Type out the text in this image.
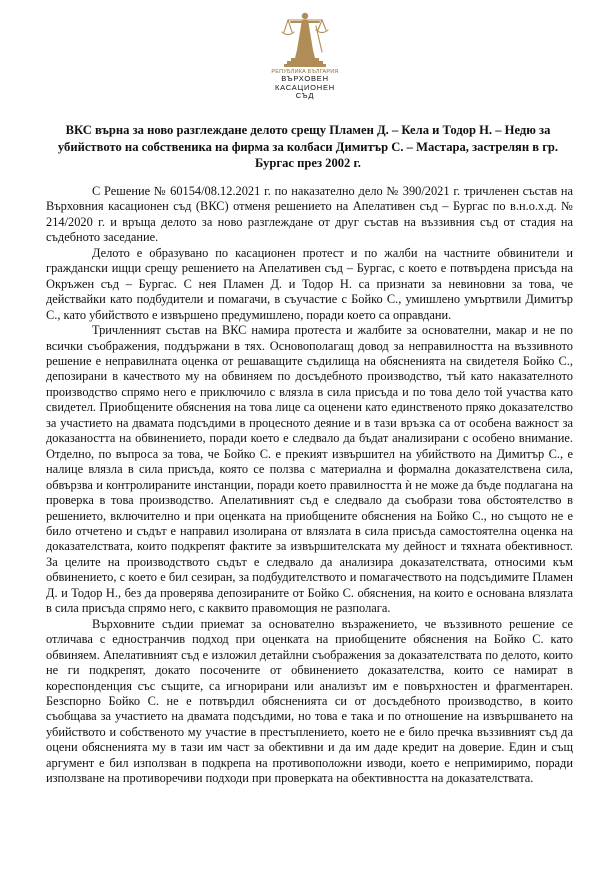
РЕПУБЛИКА БЪЛГАРИЯ
ВЪРХОВЕН
КАСАЦИОНЕН
СЪД
ВКС върна за ново разглеждане делото срещу Пламен Д. – Кела и Тодор Н. – Недю за убийството на собственика на фирма за колбаси Димитър С. – Мастара, застрелян в гр. Бургас през 2002 г.

С Решение № 60154/08.12.2021 г. по наказателно дело № 390/2021 г. тричленен състав на Върховния касационен съд (ВКС) отменя решението на Апелативен съд – Бургас по в.н.о.х.д. № 214/2020 г. и връща делото за ново разглеждане от друг състав на въззивния съд от стадия на съдебното заседание.

Делото е образувано по касационен протест и по жалби на частните обвинители и граждански ищци срещу решението на Апелативен съд – Бургас, с което е потвърдена присъда на Окръжен съд – Бургас. С нея Пламен Д. и Тодор Н. са признати за невиновни за това, че действайки като подбудители и помагачи, в съучастие с Бойко С., умишлено умъртвили Димитър С., като убийството е извършено предумишлено, поради което са оправдани.

Тричленният състав на ВКС намира протеста и жалбите за основателни, макар и не по всички съображения, поддържани в тях. Основополагащ довод за неправилността на въззивното решение е неправилната оценка от решаващите съдилища на обясненията на свидетеля Бойко С., депозирани в качеството му на обвиняем по досъдебното производство, тъй като наказателното производство спрямо него е приключило с влязла в сила присъда и по това дело той участва като свидетел. Приобщените обяснения на това лице са оценени като единственото пряко доказателство за участието на двамата подсъдими в процесното деяние и в тази връзка са от особена важност за доказаността на обвинението, поради което е следвало да бъдат анализирани с особено внимание. Отделно, по въпроса за това, че Бойко С. е прекият извършител на убийството на Димитър С., е налице влязла в сила присъда, която се ползва с материална и формална доказателствена сила, обвързва и контролираните инстанции, поради което правилността ѝ не може да бъде подлагана на проверка в това производство. Апелативният съд е следвало да съобрази това обстоятелство в решението, включително и при оценката на приобщените обяснения на Бойко С., но същото не е било отчетено и съдът е направил изолирана от влязлата в сила присъда самостоятелна оценка на доказателствата, които подкрепят фактите за извършителската му дейност и тяхната обективност. За целите на производството съдът е следвало да анализира доказателствата, относими към обвинението, с което е бил сезиран, за подбудителството и помагачеството на подсъдимите Пламен Д. и Тодор Н., без да проверява депозираните от Бойко С. обяснения, на които е основана влязлата в сила присъда спрямо него, с каквито правомощия не разполага.

Върховните съдии приемат за основателно възражението, че въззивното решение се отличава с едностранчив подход при оценката на приобщените обяснения на Бойко С. като обвиняем. Апелативният съд е изложил детайлни съображения за доказателствата по делото, които не ги подкрепят, докато посочените от обвинението доказателства, които се намират в кореспонденция със същите, са игнорирани или анализът им е повърхностен и фрагментарен. Безспорно Бойко С. не е потвърдил обясненията си от досъдебното производство, в които съобщава за участието на двамата подсъдими, но това е така и по отношение на извършването на убийството и собственото му участие в престъплението, което не е било пречка въззивният съд да оцени обясненията му в тази им част за обективни и да им даде кредит на доверие. Един и същ аргумент е бил използван в подкрепа на противоположни изводи, което е непримиримо, поради използване на противоречиви подходи при проверката на обективността на доказателствата.
